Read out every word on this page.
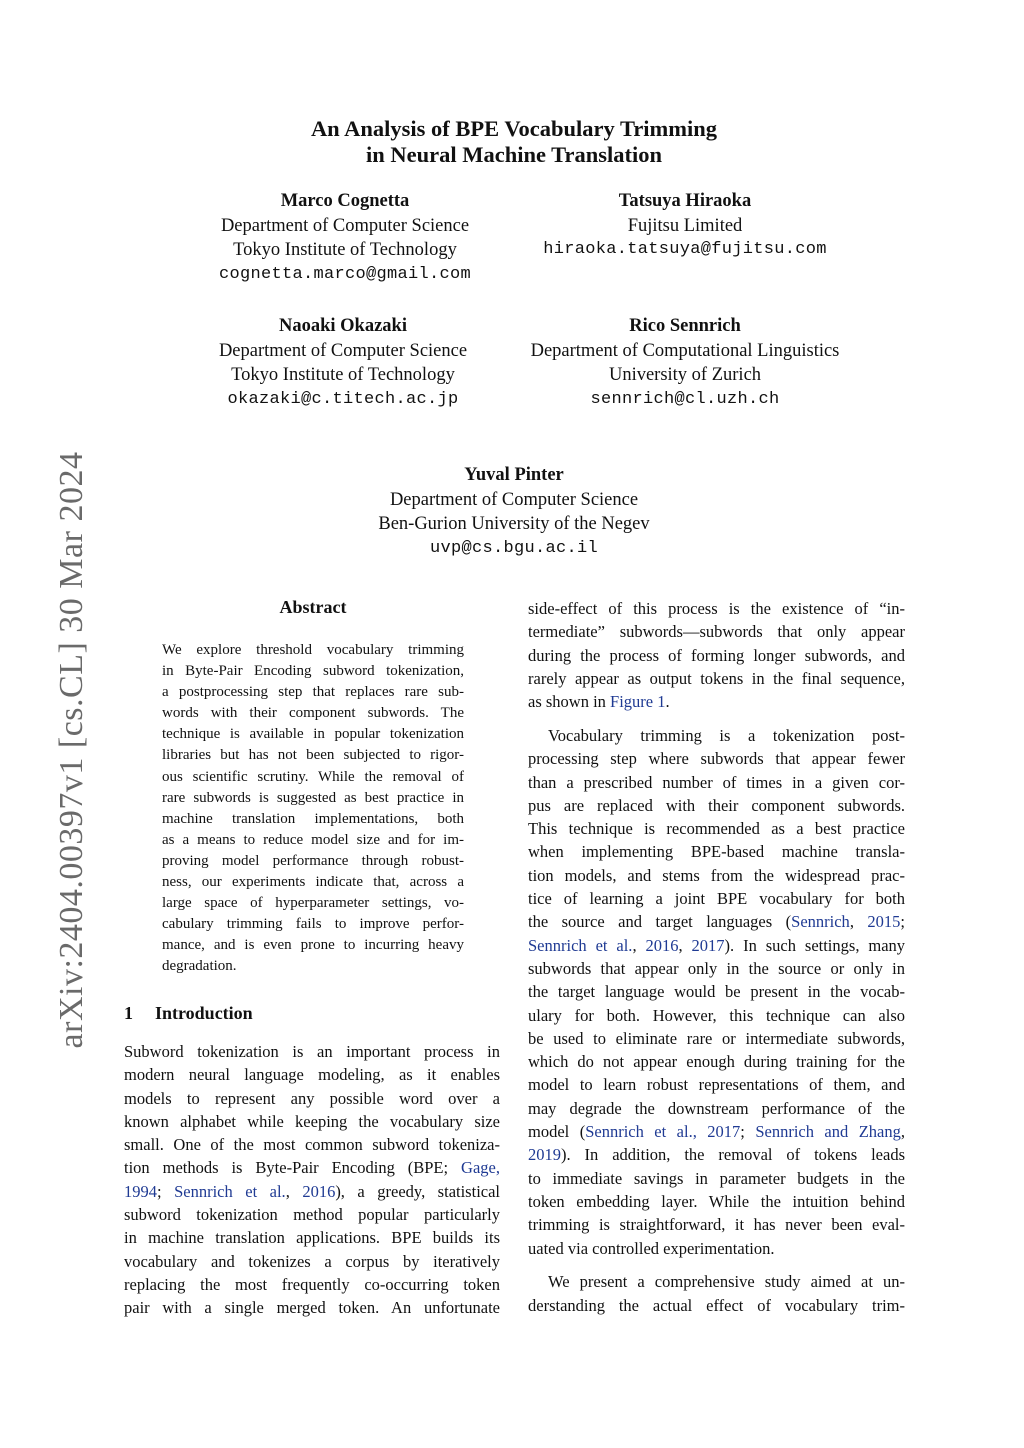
arXiv:2404.00397v1 [cs.CL] 30 Mar 2024
An Analysis of BPE Vocabulary Trimming
in Neural Machine Translation
Marco Cognetta
Department of Computer Science
Tokyo Institute of Technology
cognetta.marco@gmail.com
Tatsuya Hiraoka
Fujitsu Limited
hiraoka.tatsuya@fujitsu.com
Naoaki Okazaki
Department of Computer Science
Tokyo Institute of Technology
okazaki@c.titech.ac.jp
Rico Sennrich
Department of Computational Linguistics
University of Zurich
sennrich@cl.uzh.ch
Yuval Pinter
Department of Computer Science
Ben-Gurion University of the Negev
uvp@cs.bgu.ac.il
Abstract
We explore threshold vocabulary trimming
in Byte-Pair Encoding subword tokenization,
a postprocessing step that replaces rare sub-
words with their component subwords. The
technique is available in popular tokenization
libraries but has not been subjected to rigor-
ous scientific scrutiny. While the removal of
rare subwords is suggested as best practice in
machine translation implementations, both
as a means to reduce model size and for im-
proving model performance through robust-
ness, our experiments indicate that, across a
large space of hyperparameter settings, vo-
cabulary trimming fails to improve perfor-
mance, and is even prone to incurring heavy
degradation.
1 Introduction
Subword tokenization is an important process in
modern neural language modeling, as it enables
models to represent any possible word over a
known alphabet while keeping the vocabulary size
small. One of the most common subword tokeniza-
tion methods is Byte-Pair Encoding (BPE; Gage,
1994; Sennrich et al., 2016), a greedy, statistical
subword tokenization method popular particularly
in machine translation applications. BPE builds its
vocabulary and tokenizes a corpus by iteratively
replacing the most frequently co-occurring token
pair with a single merged token. An unfortunate
side-effect of this process is the existence of “in-
termediate” subwords—subwords that only appear
during the process of forming longer subwords, and
rarely appear as output tokens in the final sequence,
as shown in Figure 1.
Vocabulary trimming is a tokenization post-
processing step where subwords that appear fewer
than a prescribed number of times in a given cor-
pus are replaced with their component subwords.
This technique is recommended as a best practice
when implementing BPE-based machine transla-
tion models, and stems from the widespread prac-
tice of learning a joint BPE vocabulary for both
the source and target languages (Sennrich, 2015;
Sennrich et al., 2016, 2017). In such settings, many
subwords that appear only in the source or only in
the target language would be present in the vocab-
ulary for both. However, this technique can also
be used to eliminate rare or intermediate subwords,
which do not appear enough during training for the
model to learn robust representations of them, and
may degrade the downstream performance of the
model (Sennrich et al., 2017; Sennrich and Zhang,
2019). In addition, the removal of tokens leads
to immediate savings in parameter budgets in the
token embedding layer. While the intuition behind
trimming is straightforward, it has never been eval-
uated via controlled experimentation.
We present a comprehensive study aimed at un-
derstanding the actual effect of vocabulary trim-
